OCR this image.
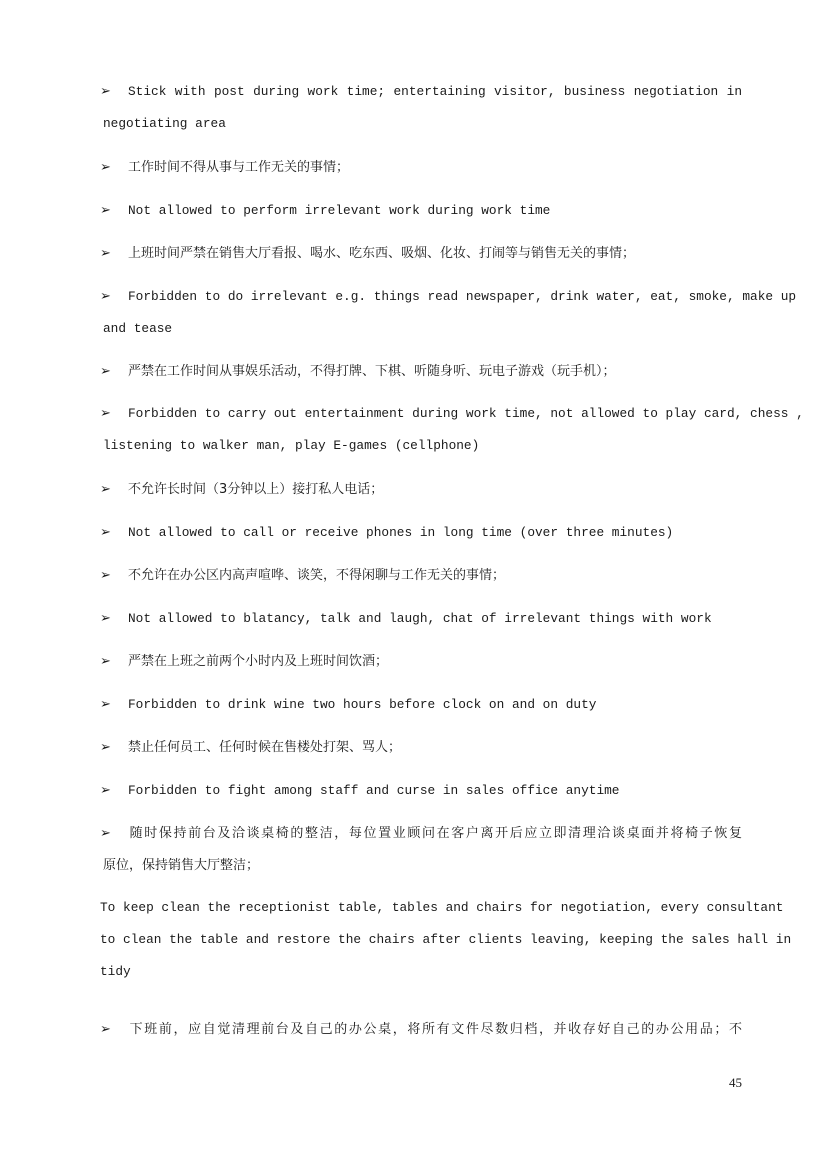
➢ Stick with post during work time; entertaining visitor, business negotiation in
negotiating area
➢ 工作时间不得从事与工作无关的事情；
➢ Not allowed to perform irrelevant work during work time
➢ 上班时间严禁在销售大厅看报、喝水、吃东西、吸烟、化妆、打闹等与销售无关的事情；
➢ Forbidden to do irrelevant e.g. things read newspaper, drink water, eat, smoke, make up
and tease
➢ 严禁在工作时间从事娱乐活动，不得打牌、下棋、听随身听、玩电子游戏（玩手机）；
➢ Forbidden to carry out entertainment during work time, not allowed to play card, chess ,
listening to walker man, play E-games (cellphone)
➢ 不允许长时间（3分钟以上）接打私人电话；
➢ Not allowed to call or receive phones in long time (over three minutes)
➢ 不允许在办公区内高声喧哗、谈笑，不得闲聊与工作无关的事情；
➢ Not allowed to blatancy, talk and laugh, chat of irrelevant things with work
➢ 严禁在上班之前两个小时内及上班时间饮酒；
➢ Forbidden to drink wine two hours before clock on and on duty
➢ 禁止任何员工、任何时候在售楼处打架、骂人；
➢ Forbidden to fight among staff and curse in sales office anytime
➢ 随时保持前台及洽谈桌椅的整洁，每位置业顾问在客户离开后应立即清理洽谈桌面并将椅子恢复
原位，保持销售大厅整洁；
To keep clean the receptionist table, tables and chairs for negotiation, every consultant
to clean the table and restore the chairs after clients leaving, keeping the sales hall in
tidy
➢ 下班前，应自觉清理前台及自己的办公桌，将所有文件尽数归档，并收存好自己的办公用品；不
45
